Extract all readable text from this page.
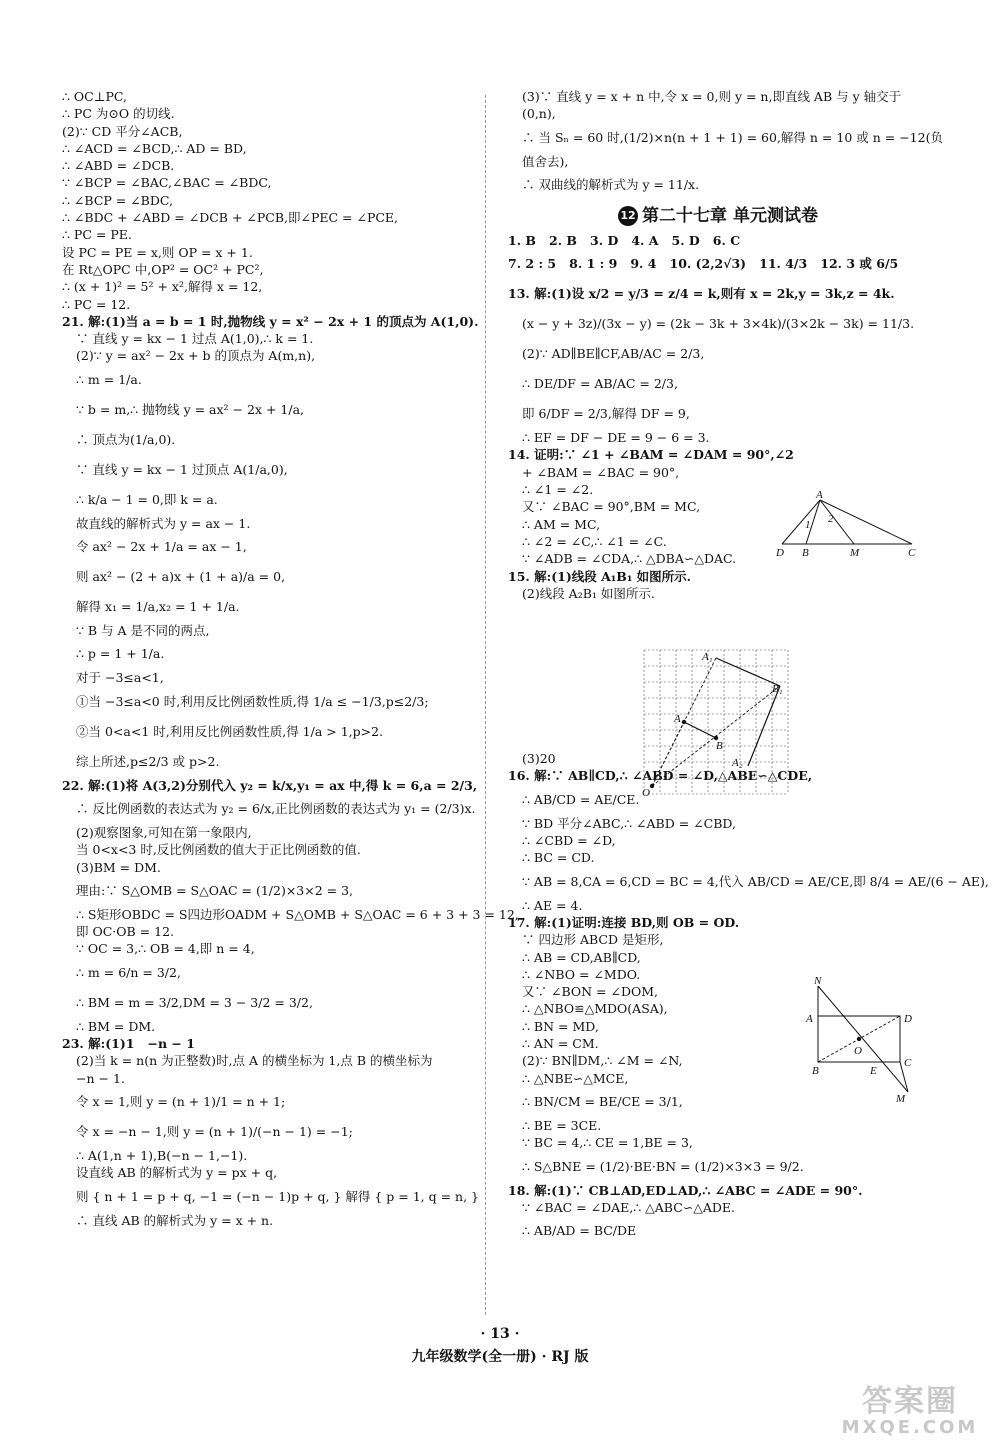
∴ OC⊥PC,
∴ PC 为⊙O 的切线.
(2)∵ CD 平分∠ACB,
∴ ∠ACD = ∠BCD,∴ AD = BD,
∴ ∠ABD = ∠DCB.
∵ ∠BCP = ∠BAC,∠BAC = ∠BDC,
∴ ∠BCP = ∠BDC,
∴ ∠BDC + ∠ABD = ∠DCB + ∠PCB,即∠PEC = ∠PCE,
∴ PC = PE.
设 PC = PE = x,则 OP = x + 1.
在 Rt△OPC 中,OP² = OC² + PC²,
∴ (x + 1)² = 5² + x²,解得 x = 12,
∴ PC = 12.
21. 解:(1)当 a = b = 1 时,抛物线 y = x² − 2x + 1 的顶点为 A(1,0).
∵ 直线 y = kx − 1 过点 A(1,0),∴ k = 1.
(2)∵ y = ax² − 2x + b 的顶点为 A(m,n),
∴ m = 1/a.
∵ b = m,∴ 抛物线 y = ax² − 2x + 1/a,
∴ 顶点为(1/a,0).
∵ 直线 y = kx − 1 过顶点 A(1/a,0),
∴ k/a − 1 = 0,即 k = a.
故直线的解析式为 y = ax − 1.
令 ax² − 2x + 1/a = ax − 1,
则 ax² − (2 + a)x + (1 + a)/a = 0,
解得 x₁ = 1/a,x₂ = 1 + 1/a.
∵ B 与 A 是不同的两点,
∴ p = 1 + 1/a.
对于 −3≤a<1,
①当 −3≤a<0 时,利用反比例函数性质,得 1/a ≤ −1/3,p≤2/3;
②当 0<a<1 时,利用反比例函数性质,得 1/a > 1,p>2.
综上所述,p≤2/3 或 p>2.
22. 解:(1)将 A(3,2)分别代入 y₂ = k/x,y₁ = ax 中,得 k = 6,a = 2/3,
∴ 反比例函数的表达式为 y₂ = 6/x,正比例函数的表达式为 y₁ = (2/3)x.
(2)观察图象,可知在第一象限内,
当 0<x<3 时,反比例函数的值大于正比例函数的值.
(3)BM = DM.
理由:∵ S△OMB = S△OAC = (1/2)×3×2 = 3,
∴ S矩形OBDC = S四边形OADM + S△OMB + S△OAC = 6 + 3 + 3 = 12,
即 OC·OB = 12.
∵ OC = 3,∴ OB = 4,即 n = 4,
∴ m = 6/n = 3/2,
∴ BM = m = 3/2,DM = 3 − 3/2 = 3/2,
∴ BM = DM.
23. 解:(1)1   −n − 1
(2)当 k = n(n 为正整数)时,点 A 的横坐标为 1,点 B 的横坐标为
−n − 1.
令 x = 1,则 y = (n + 1)/1 = n + 1;
令 x = −n − 1,则 y = (n + 1)/(−n − 1) = −1;
∴ A(1,n + 1),B(−n − 1,−1).
设直线 AB 的解析式为 y = px + q,
则 { n + 1 = p + q, −1 = (−n − 1)p + q, } 解得 { p = 1, q = n, }
∴ 直线 AB 的解析式为 y = x + n.
(3)∵ 直线 y = x + n 中,令 x = 0,则 y = n,即直线 AB 与 y 轴交于
(0,n),
∴ 当 Sₙ = 60 时,(1/2)×n(n + 1 + 1) = 60,解得 n = 10 或 n = −12(负
值舍去),
∴ 双曲线的解析式为 y = 11/x.
12 第二十七章 单元测试卷
1. B   2. B   3. D   4. A   5. D   6. C
7. 2 : 5   8. 1 : 9   9. 4   10. (2,2√3)   11. 4/3   12. 3 或 6/5
13. 解:(1)设 x/2 = y/3 = z/4 = k,则有 x = 2k,y = 3k,z = 4k.
(x − y + 3z)/(3x − y) = (2k − 3k + 3×4k)/(3×2k − 3k) = 11/3.
(2)∵ AD∥BE∥CF,AB/AC = 2/3,
∴ DE/DF = AB/AC = 2/3,
即 6/DF = 2/3,解得 DF = 9,
∴ EF = DF − DE = 9 − 6 = 3.
14. 证明:∵ ∠1 + ∠BAM = ∠DAM = 90°,∠2
+ ∠BAM = ∠BAC = 90°,
∴ ∠1 = ∠2.
又∵ ∠BAC = 90°,BM = MC,
∴ AM = MC,
∴ ∠2 = ∠C,∴ ∠1 = ∠C.
∵ ∠ADB = ∠CDA,∴ △DBA∽△DAC.
15. 解:(1)线段 A₁B₁ 如图所示.
(2)线段 A₂B₁ 如图所示.
(3)20
16. 解:∵ AB∥CD,∴ ∠ABD = ∠D,△ABE∽△CDE,
∴ AB/CD = AE/CE.
∵ BD 平分∠ABC,∴ ∠ABD = ∠CBD,
∴ ∠CBD = ∠D,
∴ BC = CD.
∵ AB = 8,CA = 6,CD = BC = 4,代入 AB/CD = AE/CE,即 8/4 = AE/(6 − AE),
∴ AE = 4.
17. 解:(1)证明:连接 BD,则 OB = OD.
∵ 四边形 ABCD 是矩形,
∴ AB = CD,AB∥CD,
∴ ∠NBO = ∠MDO.
又∵ ∠BON = ∠DOM,
∴ △NBO≌△MDO(ASA),
∴ BN = MD,
∴ AN = CM.
(2)∵ BN∥DM,∴ ∠M = ∠N,
∴ △NBE∽△MCE,
∴ BN/CM = BE/CE = 3/1,
∴ BE = 3CE.
∵ BC = 4,∴ CE = 1,BE = 3,
∴ S△BNE = (1/2)·BE·BN = (1/2)×3×3 = 9/2.
18. 解:(1)∵ CB⊥AD,ED⊥AD,∴ ∠ABC = ∠ADE = 90°.
∵ ∠BAC = ∠DAE,∴ △ABC∽△ADE.
∴ AB/AD = BC/DE
A
D B	M	C
1 2
A₁
B₁
A
B
A₂
O
N
A	D
O
C
B	E
M
· 13 ·
九年级数学(全一册) · RJ 版
答案圈
MXQE.COM
